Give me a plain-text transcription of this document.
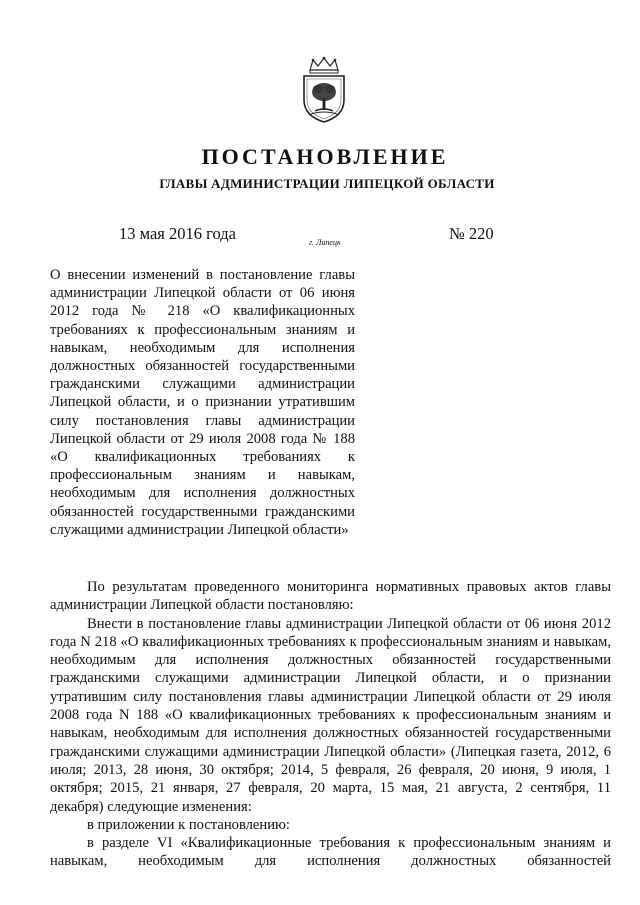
ПОСТАНОВЛЕНИЕ
ГЛАВЫ АДМИНИСТРАЦИИ ЛИПЕЦКОЙ ОБЛАСТИ
13 мая 2016 года	г. Липецк	№ 220
О внесении изменений в постановление главы администрации Липецкой области от 06 июня 2012 года № 218 «О квалификационных требованиях к профессиональным знаниям и навыкам, необходимым для исполнения должностных обязанностей государственными гражданскими служащими администрации Липецкой области, и о признании утратившим силу постановления главы администрации Липецкой области от 29 июля 2008 года № 188 «О квалификационных требованиях к профессиональным знаниям и навыкам, необходимым для исполнения должностных обязанностей государственными гражданскими служащими администрации Липецкой области»

По результатам проведенного мониторинга нормативных правовых актов главы администрации Липецкой области постановляю:

Внести в постановление главы администрации Липецкой области от 06 июня 2012 года N 218 «О квалификационных требованиях к профессиональным знаниям и навыкам, необходимым для исполнения должностных обязанностей государственными гражданскими служащими администрации Липецкой области, и о признании утратившим силу постановления главы администрации Липецкой области от 29 июля 2008 года N 188 «О квалификационных требованиях к профессиональным знаниям и навыкам, необходимым для исполнения должностных обязанностей государственными гражданскими служащими администрации Липецкой области» (Липецкая газета, 2012, 6 июля; 2013, 28 июня, 30 октября; 2014, 5 февраля, 26 февраля, 20 июня, 9 июля, 1 октября; 2015, 21 января, 27 февраля, 20 марта, 15 мая, 21 августа, 2 сентября, 11 декабря) следующие изменения:

в приложении к постановлению:

в разделе VI «Квалификационные требования к профессиональным знаниям и навыкам, необходимым для исполнения должностных обязанностей
